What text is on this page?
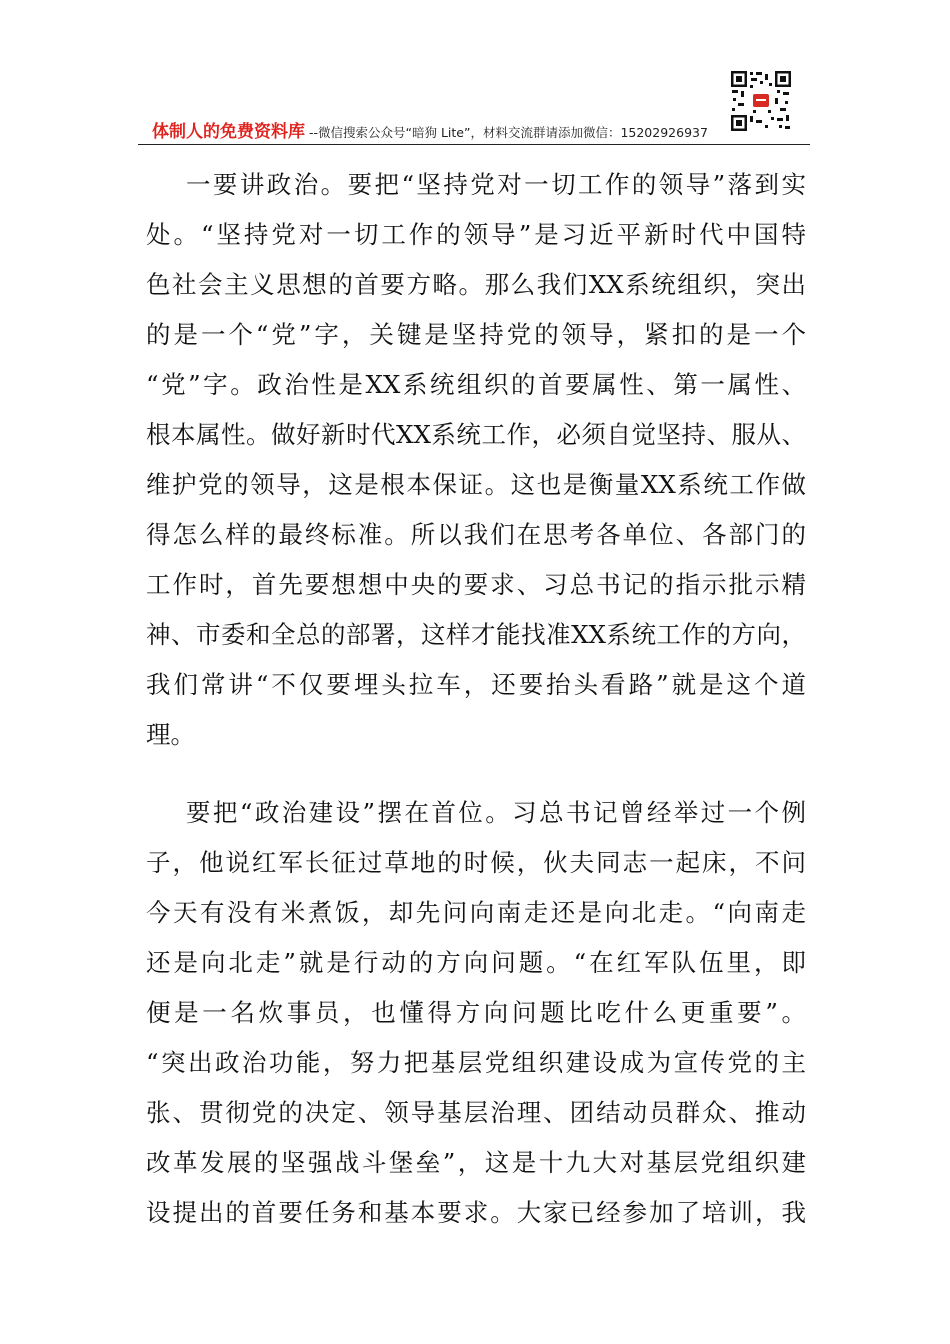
体制人的免费资料库 --微信搜索公众号“暗狗 Lite”，材料交流群请添加微信：15202926937
一要讲政治。要把“坚持党对一切工作的领导”落到实
处。“坚持党对一切工作的领导”是习近平新时代中国特
色社会主义思想的首要方略。那么我们XX系统组织，突出
的是一个“党”字，关键是坚持党的领导，紧扣的是一个
“党”字。政治性是XX系统组织的首要属性、第一属性、
根本属性。做好新时代XX系统工作，必须自觉坚持、服从、
维护党的领导，这是根本保证。这也是衡量XX系统工作做
得怎么样的最终标准。所以我们在思考各单位、各部门的
工作时，首先要想想中央的要求、习总书记的指示批示精
神、市委和全总的部署，这样才能找准XX系统工作的方向，
我们常讲“不仅要埋头拉车，还要抬头看路”就是这个道
理。
要把“政治建设”摆在首位。习总书记曾经举过一个例
子，他说红军长征过草地的时候，伙夫同志一起床，不问
今天有没有米煮饭，却先问向南走还是向北走。“向南走
还是向北走”就是行动的方向问题。“在红军队伍里，即
便是一名炊事员，也懂得方向问题比吃什么更重要”。
“突出政治功能，努力把基层党组织建设成为宣传党的主
张、贯彻党的决定、领导基层治理、团结动员群众、推动
改革发展的坚强战斗堡垒”，这是十九大对基层党组织建
设提出的首要任务和基本要求。大家已经参加了培训，我
